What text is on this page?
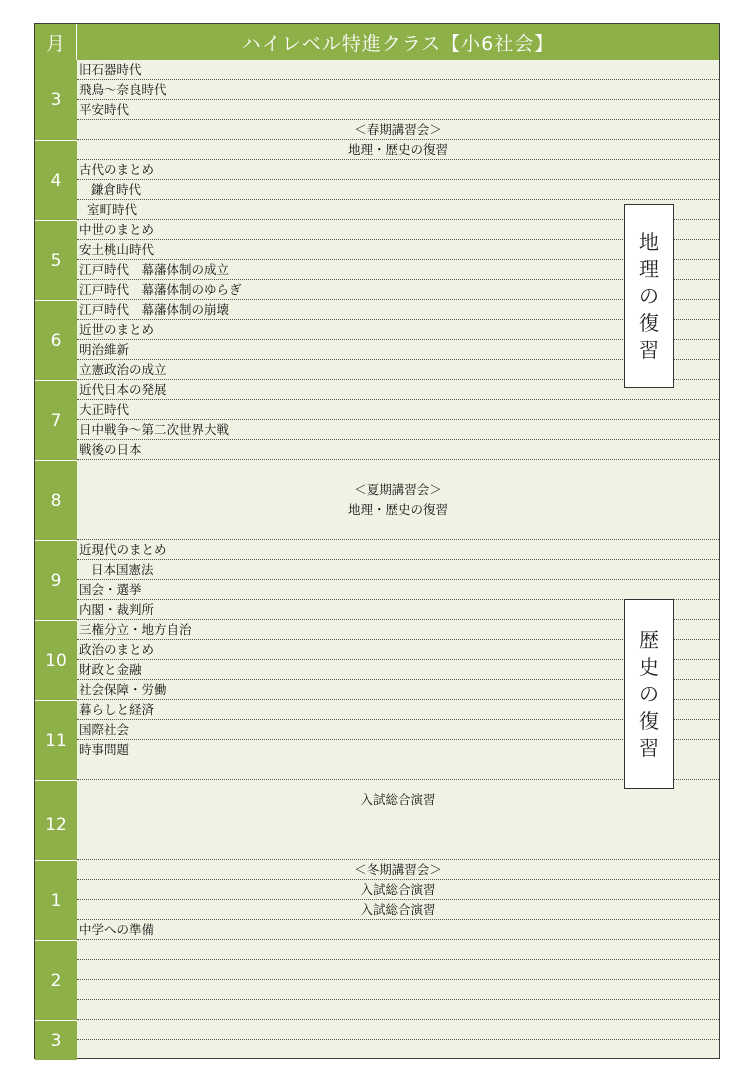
月	ハイレベル特進クラス【小6社会】
3
4
5
6
7
8
9
10
11
12
1
2
3
旧石器時代
飛鳥～奈良時代
平安時代
＜春期講習会＞
地理・歴史の復習
古代のまとめ
鎌倉時代
室町時代
中世のまとめ
安土桃山時代
江戸時代　幕藩体制の成立
江戸時代　幕藩体制のゆらぎ
江戸時代　幕藩体制の崩壊
近世のまとめ
明治維新
立憲政治の成立
近代日本の発展
大正時代
日中戦争～第二次世界大戦
戦後の日本
＜夏期講習会＞
地理・歴史の復習
近現代のまとめ
日本国憲法
国会・選挙
内閣・裁判所
三権分立・地方自治
政治のまとめ
財政と金融
社会保障・労働
暮らしと経済
国際社会
時事問題
入試総合演習
＜冬期講習会＞
入試総合演習
入試総合演習
中学への準備
地
理
の
復
習
歴
史
の
復
習
